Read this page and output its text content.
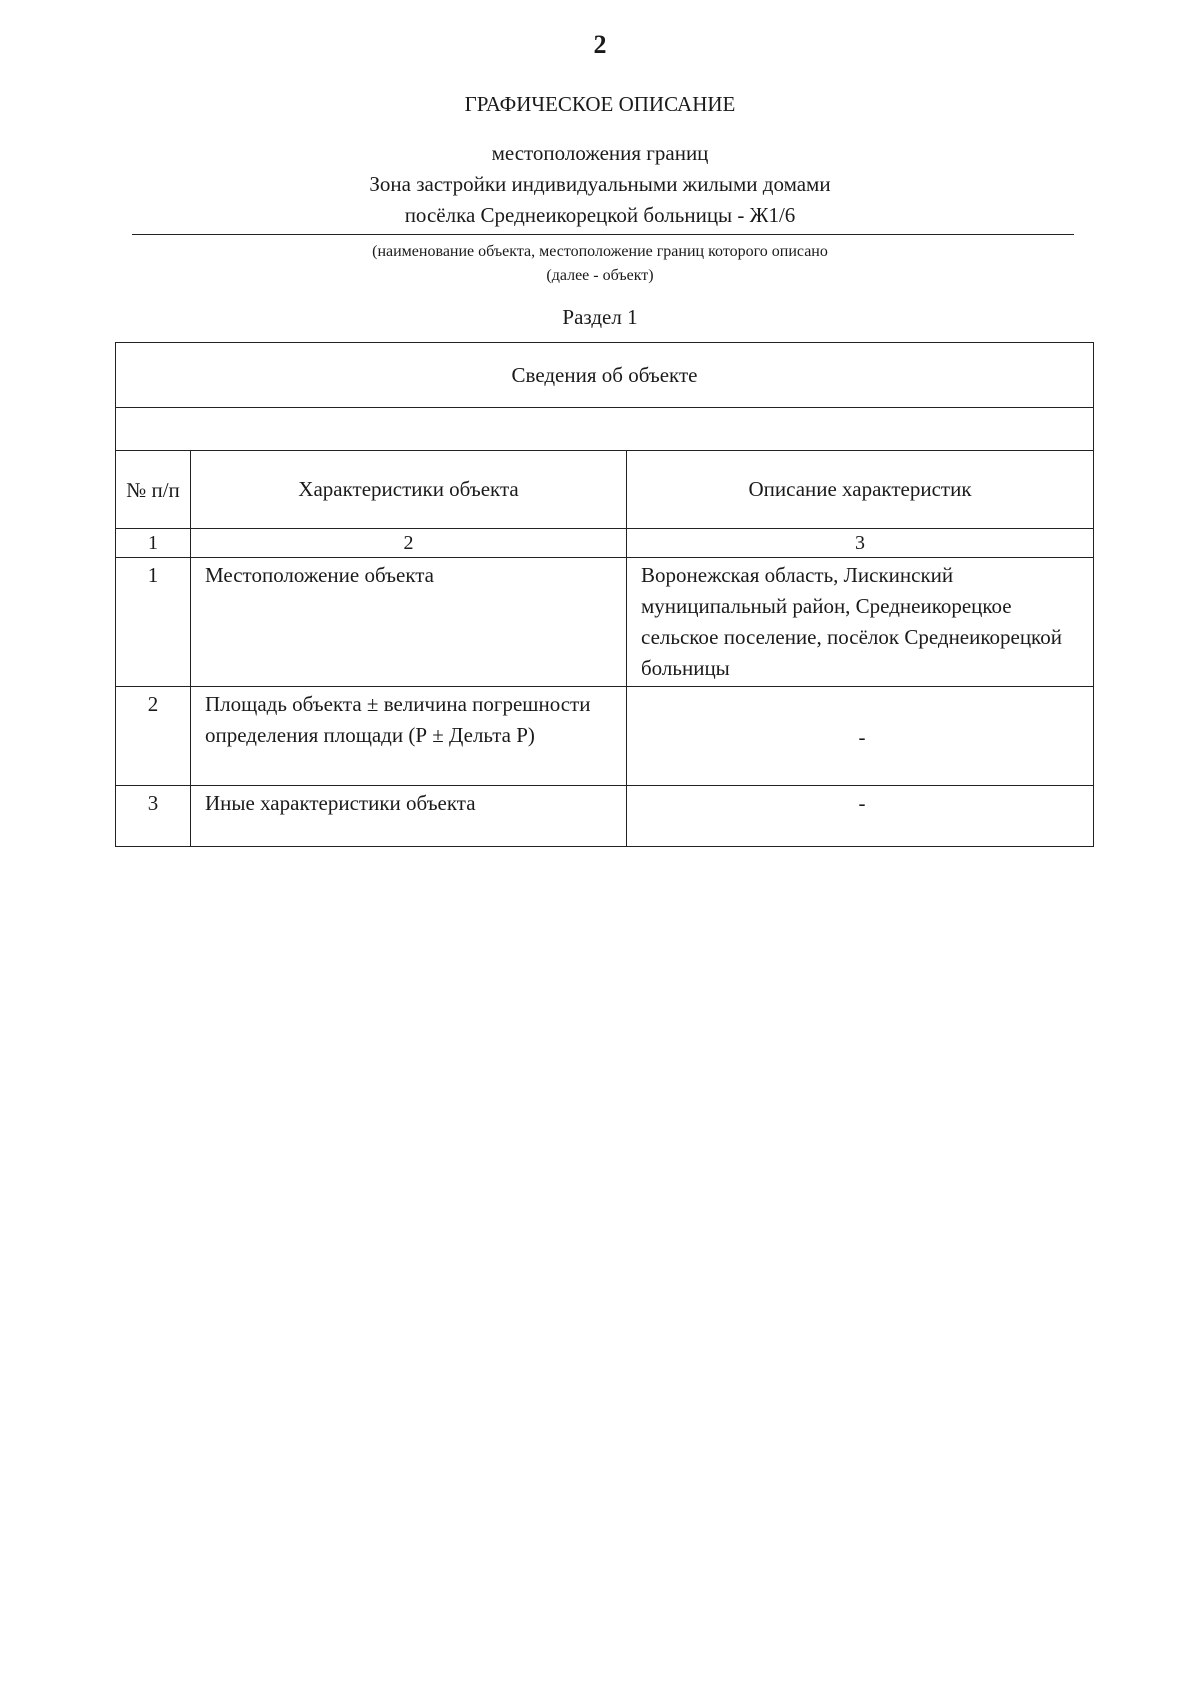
2
ГРАФИЧЕСКОЕ ОПИСАНИЕ
местоположения границ
Зона застройки индивидуальными жилыми домами
посёлка Среднеикорецкой больницы - Ж1/6
(наименование объекта, местоположение границ которого описано
(далее - объект)
Раздел 1
Сведения об объекте		

№ п/п	Характеристики объекта	Описание характеристик
1	2	3
1	Местоположение объекта	Воронежская область, Лискинский муниципальный район, Среднеикорецкое сельское поселение, посёлок Среднеикорецкой больницы
2	Площадь объекта ± величина погрешности определения площади (Р ± Дельта Р)	-
3	Иные характеристики объекта	-
